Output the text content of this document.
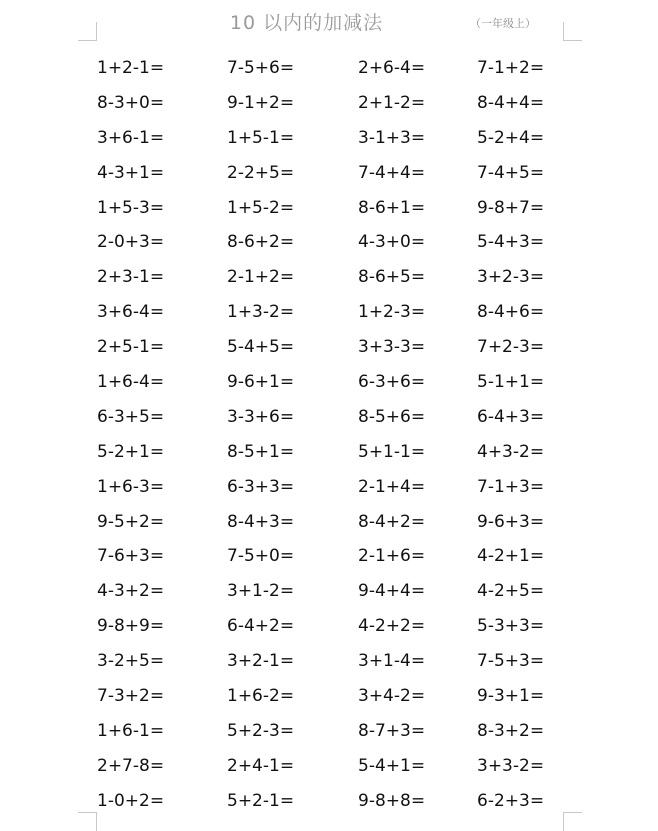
10 以内的加减法	（一年级上）
1+2-1=	7-5+6=	2+6-4=	7-1+2=
8-3+0=	9-1+2=	2+1-2=	8-4+4=
3+6-1=	1+5-1=	3-1+3=	5-2+4=
4-3+1=	2-2+5=	7-4+4=	7-4+5=
1+5-3=	1+5-2=	8-6+1=	9-8+7=
2-0+3=	8-6+2=	4-3+0=	5-4+3=
2+3-1=	2-1+2=	8-6+5=	3+2-3=
3+6-4=	1+3-2=	1+2-3=	8-4+6=
2+5-1=	5-4+5=	3+3-3=	7+2-3=
1+6-4=	9-6+1=	6-3+6=	5-1+1=
6-3+5=	3-3+6=	8-5+6=	6-4+3=
5-2+1=	8-5+1=	5+1-1=	4+3-2=
1+6-3=	6-3+3=	2-1+4=	7-1+3=
9-5+2=	8-4+3=	8-4+2=	9-6+3=
7-6+3=	7-5+0=	2-1+6=	4-2+1=
4-3+2=	3+1-2=	9-4+4=	4-2+5=
9-8+9=	6-4+2=	4-2+2=	5-3+3=
3-2+5=	3+2-1=	3+1-4=	7-5+3=
7-3+2=	1+6-2=	3+4-2=	9-3+1=
1+6-1=	5+2-3=	8-7+3=	8-3+2=
2+7-8=	2+4-1=	5-4+1=	3+3-2=
1-0+2=	5+2-1=	9-8+8=	6-2+3=
